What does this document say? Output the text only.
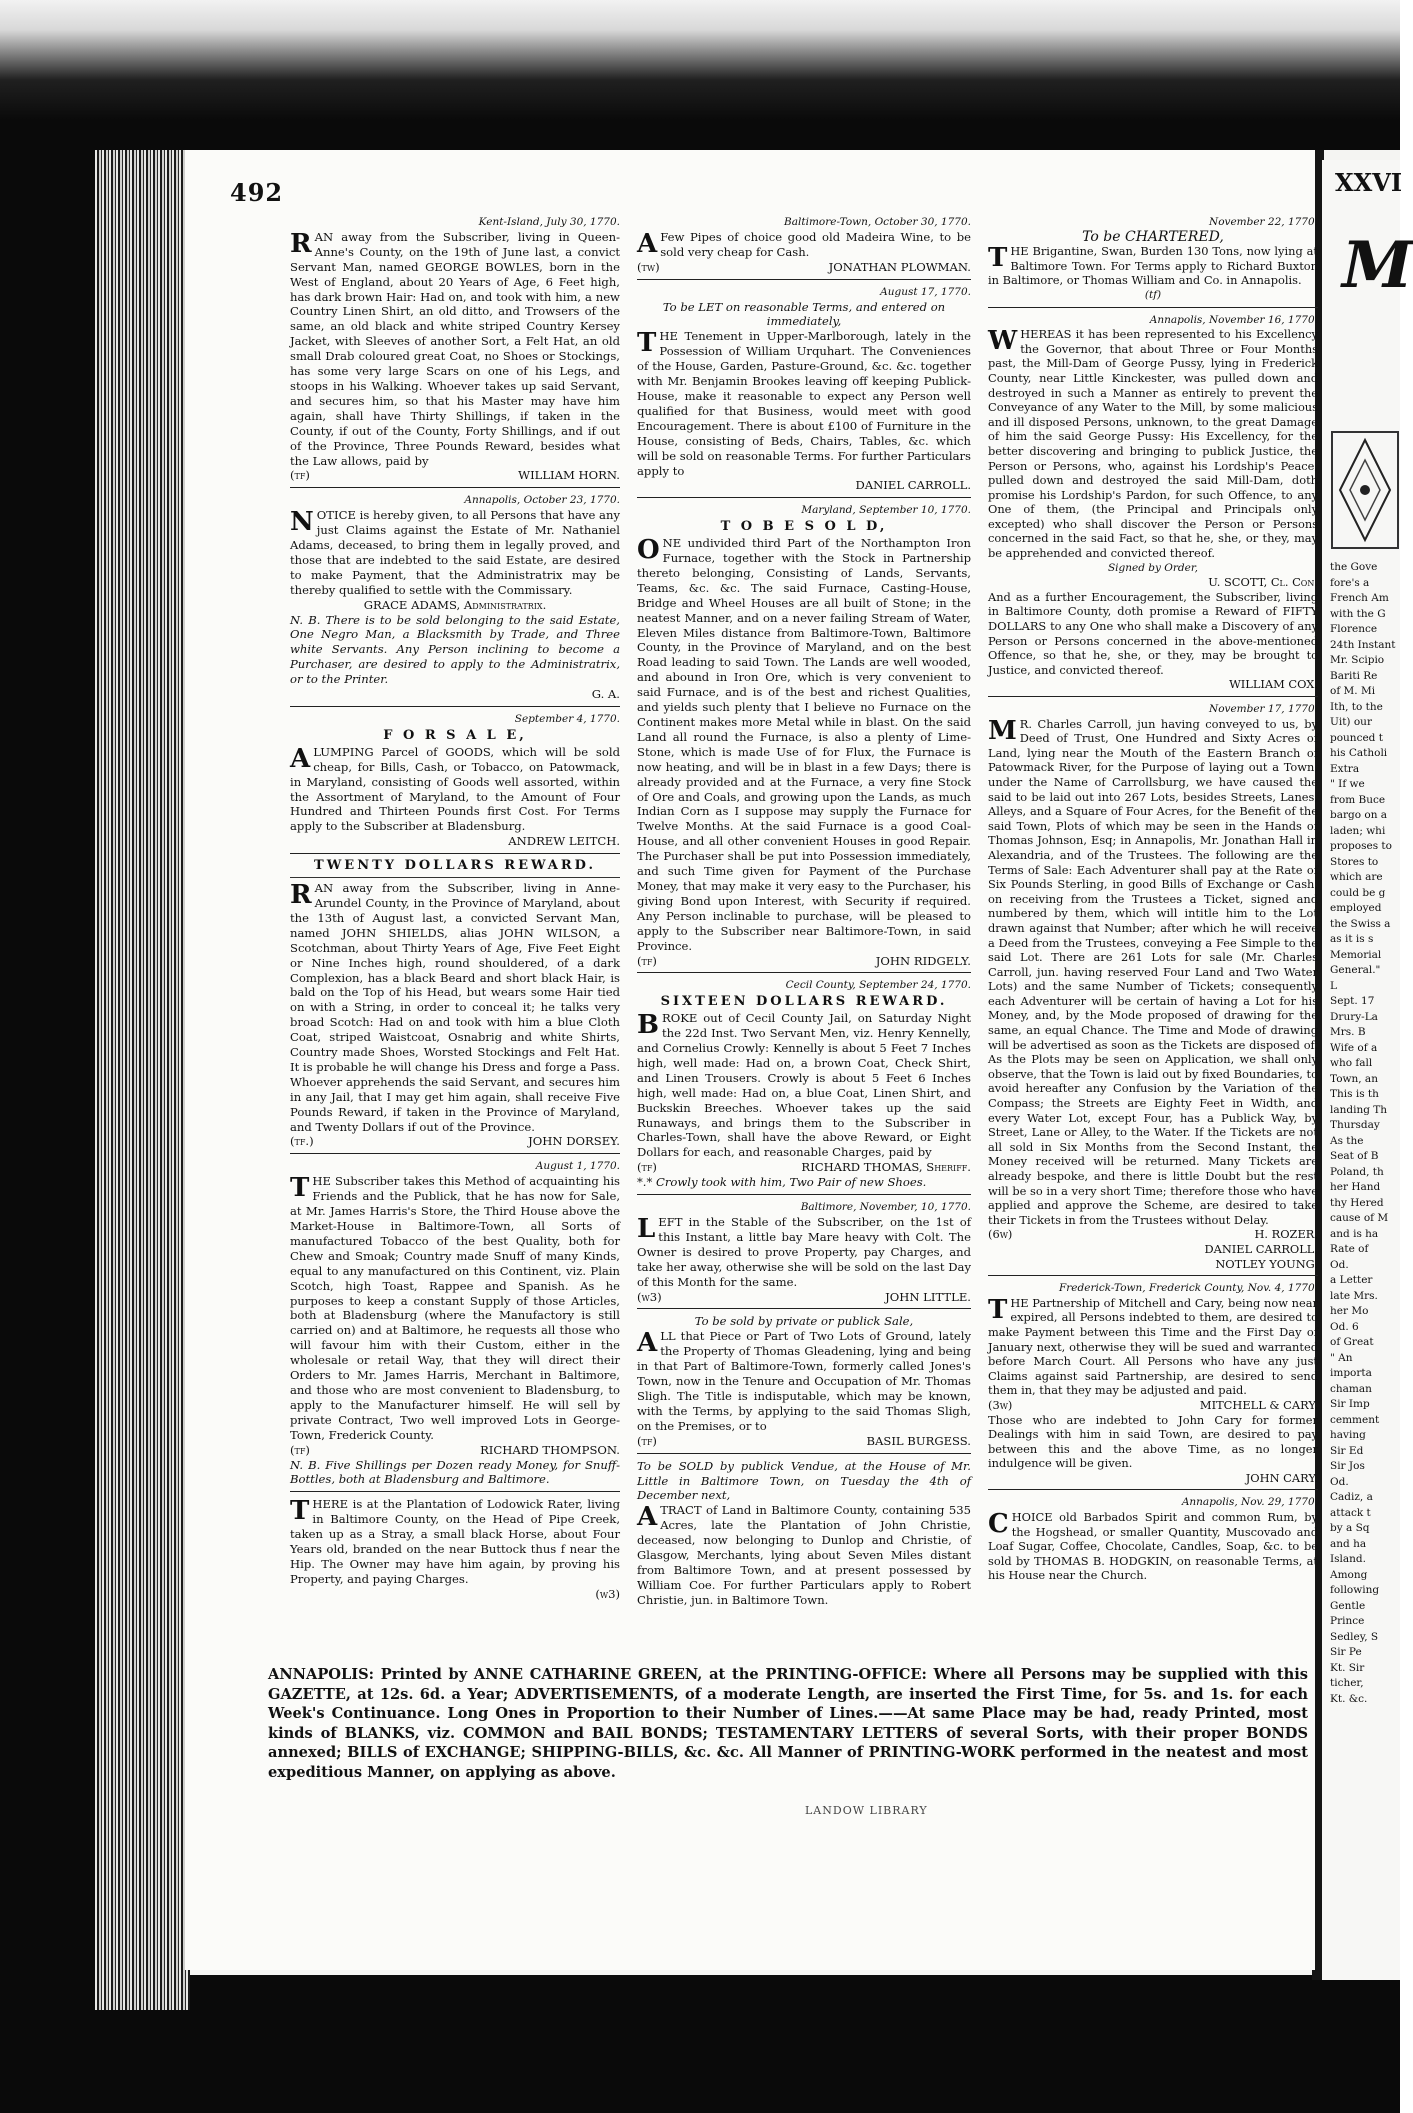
492

Kent-Island, July 30, 1770.

RAN away from the Subscriber, living in Queen-Anne's County, on the 19th of June last, a convict Servant Man, named GEORGE BOWLES, born in the West of England, about 20 Years of Age, 6 Feet high, has dark brown Hair: Had on, and took with him, a new Country Linen Shirt, an old ditto, and Trowsers of the same, an old black and white striped Country Kersey Jacket, with Sleeves of another Sort, a Felt Hat, an old small Drab coloured great Coat, no Shoes or Stockings, has some very large Scars on one of his Legs, and stoops in his Walking. Whoever takes up said Servant, and secures him, so that his Master may have him again, shall have Thirty Shillings, if taken in the County, if out of the County, Forty Shillings, and if out of the Province, Three Pounds Reward, besides what the Law allows, paid by

(tf)	WILLIAM HORN.

Annapolis, October 23, 1770.

NOTICE is hereby given, to all Persons that have any just Claims against the Estate of Mr. Nathaniel Adams, deceased, to bring them in legally proved, and those that are indebted to the said Estate, are desired to make Payment, that the Administratrix may be thereby qualified to settle with the Commissary.

GRACE ADAMS, Administratrix.

N. B. There is to be sold belonging to the said Estate, One Negro Man, a Blacksmith by Trade, and Three white Servants. Any Person inclining to become a Purchaser, are desired to apply to the Administratrix, or to the Printer.

G. A.

September 4, 1770.

F O R S A L E,

ALUMPING Parcel of GOODS, which will be sold cheap, for Bills, Cash, or Tobacco, on Patowmack, in Maryland, consisting of Goods well assorted, within the Assortment of Maryland, to the Amount of Four Hundred and Thirteen Pounds first Cost. For Terms apply to the Subscriber at Bladensburg.

ANDREW LEITCH.

TWENTY DOLLARS REWARD.

RAN away from the Subscriber, living in Anne-Arundel County, in the Province of Maryland, about the 13th of August last, a convicted Servant Man, named JOHN SHIELDS, alias JOHN WILSON, a Scotchman, about Thirty Years of Age, Five Feet Eight or Nine Inches high, round shouldered, of a dark Complexion, has a black Beard and short black Hair, is bald on the Top of his Head, but wears some Hair tied on with a String, in order to conceal it; he talks very broad Scotch: Had on and took with him a blue Cloth Coat, striped Waistcoat, Osnabrig and white Shirts, Country made Shoes, Worsted Stockings and Felt Hat. It is probable he will change his Dress and forge a Pass. Whoever apprehends the said Servant, and secures him in any Jail, that I may get him again, shall receive Five Pounds Reward, if taken in the Province of Maryland, and Twenty Dollars if out of the Province.

(tf.)	JOHN DORSEY.

August 1, 1770.

THE Subscriber takes this Method of acquainting his Friends and the Publick, that he has now for Sale, at Mr. James Harris's Store, the Third House above the Market-House in Baltimore-Town, all Sorts of manufactured Tobacco of the best Quality, both for Chew and Smoak; Country made Snuff of many Kinds, equal to any manufactured on this Continent, viz. Plain Scotch, high Toast, Rappee and Spanish. As he purposes to keep a constant Supply of those Articles, both at Bladensburg (where the Manufactory is still carried on) and at Baltimore, he requests all those who will favour him with their Custom, either in the wholesale or retail Way, that they will direct their Orders to Mr. James Harris, Merchant in Baltimore, and those who are most convenient to Bladensburg, to apply to the Manufacturer himself. He will sell by private Contract, Two well improved Lots in George-Town, Frederick County.

(tf)	RICHARD THOMPSON.

N. B. Five Shillings per Dozen ready Money, for Snuff-Bottles, both at Bladensburg and Baltimore.

THERE is at the Plantation of Lodowick Rater, living in Baltimore County, on the Head of Pipe Creek, taken up as a Stray, a small black Horse, about Four Years old, branded on the near Buttock thus f near the Hip. The Owner may have him again, by proving his Property, and paying Charges.

(w3)

Baltimore-Town, October 30, 1770.

AFew Pipes of choice good old Madeira Wine, to be sold very cheap for Cash.

(tw)	JONATHAN PLOWMAN.

August 17, 1770.

To be LET on reasonable Terms, and entered on immediately,

THE Tenement in Upper-Marlborough, lately in the Possession of William Urquhart. The Conveniences of the House, Garden, Pasture-Ground, &c. &c. together with Mr. Benjamin Brookes leaving off keeping Publick-House, make it reasonable to expect any Person well qualified for that Business, would meet with good Encouragement. There is about £100 of Furniture in the House, consisting of Beds, Chairs, Tables, &c. which will be sold on reasonable Terms. For further Particulars apply to

DANIEL CARROLL.

Maryland, September 10, 1770.

T O B E S O L D,

ONE undivided third Part of the Northampton Iron Furnace, together with the Stock in Partnership thereto belonging, Consisting of Lands, Servants, Teams, &c. &c. The said Furnace, Casting-House, Bridge and Wheel Houses are all built of Stone; in the neatest Manner, and on a never failing Stream of Water, Eleven Miles distance from Baltimore-Town, Baltimore County, in the Province of Maryland, and on the best Road leading to said Town. The Lands are well wooded, and abound in Iron Ore, which is very convenient to said Furnace, and is of the best and richest Qualities, and yields such plenty that I believe no Furnace on the Continent makes more Metal while in blast. On the said Land all round the Furnace, is also a plenty of Lime-Stone, which is made Use of for Flux, the Furnace is now heating, and will be in blast in a few Days; there is already provided and at the Furnace, a very fine Stock of Ore and Coals, and growing upon the Lands, as much Indian Corn as I suppose may supply the Furnace for Twelve Months. At the said Furnace is a good Coal-House, and all other convenient Houses in good Repair. The Purchaser shall be put into Possession immediately, and such Time given for Payment of the Purchase Money, that may make it very easy to the Purchaser, his giving Bond upon Interest, with Security if required. Any Person inclinable to purchase, will be pleased to apply to the Subscriber near Baltimore-Town, in said Province.

(tf)	JOHN RIDGELY.

Cecil County, September 24, 1770.

SIXTEEN DOLLARS REWARD.

BROKE out of Cecil County Jail, on Saturday Night the 22d Inst. Two Servant Men, viz. Henry Kennelly, and Cornelius Crowly: Kennelly is about 5 Feet 7 Inches high, well made: Had on, a brown Coat, Check Shirt, and Linen Trousers. Crowly is about 5 Feet 6 Inches high, well made: Had on, a blue Coat, Linen Shirt, and Buckskin Breeches. Whoever takes up the said Runaways, and brings them to the Subscriber in Charles-Town, shall have the above Reward, or Eight Dollars for each, and reasonable Charges, paid by

(tf)	RICHARD THOMAS, Sheriff.

*.* Crowly took with him, Two Pair of new Shoes.

Baltimore, November, 10, 1770.

LEFT in the Stable of the Subscriber, on the 1st of this Instant, a little bay Mare heavy with Colt. The Owner is desired to prove Property, pay Charges, and take her away, otherwise she will be sold on the last Day of this Month for the same.

(w3)	JOHN LITTLE.

To be sold by private or publick Sale,

ALL that Piece or Part of Two Lots of Ground, lately the Property of Thomas Gleadening, lying and being in that Part of Baltimore-Town, formerly called Jones's Town, now in the Tenure and Occupation of Mr. Thomas Sligh. The Title is indisputable, which may be known, with the Terms, by applying to the said Thomas Sligh, on the Premises, or to

(tf)	BASIL BURGESS.

To be SOLD by publick Vendue, at the House of Mr. Little in Baltimore Town, on Tuesday the 4th of December next,

ATRACT of Land in Baltimore County, containing 535 Acres, late the Plantation of John Christie, deceased, now belonging to Dunlop and Christie, of Glasgow, Merchants, lying about Seven Miles distant from Baltimore Town, and at present possessed by William Coe. For further Particulars apply to Robert Christie, jun. in Baltimore Town.

November 22, 1770.

To be CHARTERED,

THE Brigantine, Swan, Burden 130 Tons, now lying at Baltimore Town. For Terms apply to Richard Buxton in Baltimore, or Thomas William and Co. in Annapolis.

(tf)

Annapolis, November 16, 1770.

WHEREAS it has been represented to his Excellency the Governor, that about Three or Four Months past, the Mill-Dam of George Pussy, lying in Frederick County, near Little Kinckester, was pulled down and destroyed in such a Manner as entirely to prevent the Conveyance of any Water to the Mill, by some malicious and ill disposed Persons, unknown, to the great Damage of him the said George Pussy: His Excellency, for the better discovering and bringing to publick Justice, the Person or Persons, who, against his Lordship's Peace, pulled down and destroyed the said Mill-Dam, doth promise his Lordship's Pardon, for such Offence, to any One of them, (the Principal and Principals only excepted) who shall discover the Person or Persons concerned in the said Fact, so that he, she, or they, may be apprehended and convicted thereof.

Signed by Order,

U. SCOTT, Cl. Con.

And as a further Encouragement, the Subscriber, living in Baltimore County, doth promise a Reward of FIFTY DOLLARS to any One who shall make a Discovery of any Person or Persons concerned in the above-mentioned Offence, so that he, she, or they, may be brought to Justice, and convicted thereof.

WILLIAM COX.

November 17, 1770.

MR. Charles Carroll, jun having conveyed to us, by Deed of Trust, One Hundred and Sixty Acres of Land, lying near the Mouth of the Eastern Branch of Patowmack River, for the Purpose of laying out a Town, under the Name of Carrollsburg, we have caused the said to be laid out into 267 Lots, besides Streets, Lanes, Alleys, and a Square of Four Acres, for the Benefit of the said Town, Plots of which may be seen in the Hands of Thomas Johnson, Esq; in Annapolis, Mr. Jonathan Hall in Alexandria, and of the Trustees. The following are the Terms of Sale: Each Adventurer shall pay at the Rate of Six Pounds Sterling, in good Bills of Exchange or Cash, on receiving from the Trustees a Ticket, signed and numbered by them, which will intitle him to the Lot drawn against that Number; after which he will receive a Deed from the Trustees, conveying a Fee Simple to the said Lot. There are 261 Lots for sale (Mr. Charles Carroll, jun. having reserved Four Land and Two Water Lots) and the same Number of Tickets; consequently each Adventurer will be certain of having a Lot for his Money, and, by the Mode proposed of drawing for the same, an equal Chance. The Time and Mode of drawing will be advertised as soon as the Tickets are disposed of. As the Plots may be seen on Application, we shall only observe, that the Town is laid out by fixed Boundaries, to avoid hereafter any Confusion by the Variation of the Compass; the Streets are Eighty Feet in Width, and every Water Lot, except Four, has a Publick Way, by Street, Lane or Alley, to the Water. If the Tickets are not all sold in Six Months from the Second Instant, the Money received will be returned. Many Tickets are already bespoke, and there is little Doubt but the rest will be so in a very short Time; therefore those who have applied and approve the Scheme, are desired to take their Tickets in from the Trustees without Delay.

(6w)	H. ROZER,

DANIEL CARROLL,

NOTLEY YOUNG.

Frederick-Town, Frederick County, Nov. 4, 1770.

THE Partnership of Mitchell and Cary, being now near expired, all Persons indebted to them, are desired to make Payment between this Time and the First Day of January next, otherwise they will be sued and warranted before March Court. All Persons who have any just Claims against said Partnership, are desired to send them in, that they may be adjusted and paid.

(3w)	MITCHELL & CARY.

Those who are indebted to John Cary for former Dealings with him in said Town, are desired to pay between this and the above Time, as no longer indulgence will be given.

JOHN CARY.

Annapolis, Nov. 29, 1770.

CHOICE old Barbados Spirit and common Rum, by the Hogshead, or smaller Quantity, Muscovado and Loaf Sugar, Coffee, Chocolate, Candles, Soap, &c. to be sold by THOMAS B. HODGKIN, on reasonable Terms, at his House near the Church.

ANNAPOLIS: Printed by ANNE CATHARINE GREEN, at the PRINTING-OFFICE: Where all Persons may be supplied with this GAZETTE, at 12s. 6d. a Year; ADVERTISEMENTS, of a moderate Length, are inserted the First Time, for 5s. and 1s. for each Week's Continuance. Long Ones in Proportion to their Number of Lines.——At same Place may be had, ready Printed, most kinds of BLANKS, viz. COMMON and BAIL BONDS; TESTAMENTARY LETTERS of several Sorts, with their proper BONDS annexed; BILLS of EXCHANGE; SHIPPING-BILLS, &c. &c. All Manner of PRINTING-WORK performed in the neatest and most expeditious Manner, on applying as above.
LANDOW LIBRARY
XXVI
M
the Gove
fore's a
French Am
with the G
Florence
24th Instant
Mr. Scipio
Bariti Re
of M. Mi
Ith, to the
Uit) our
pounced t
his Catholi
Extra
" If we
from Buce
bargo on a
laden; whi
proposes to
Stores to
which are
could be g
employed
the Swiss a
as it is s
Memorial
General."
L
Sept. 17
Drury-La
Mrs. B
Wife of a
who fall
Town, an
This is th
landing Th
Thursday
As the
Seat of B
Poland, th
her Hand
thy Hered
cause of M
and is ha
Rate of
Od.
a Letter
late Mrs.
her Mo
Od. 6
of Great
" An
importa
chaman
Sir Imp
cemment
having
Sir Ed
Sir Jos
Od.
Cadiz, a
attack t
by a Sq
and ha
Island.
Among
following
Gentle
Prince
Sedley, S
Sir Pe
Kt. Sir
ticher,
Kt. &c.
